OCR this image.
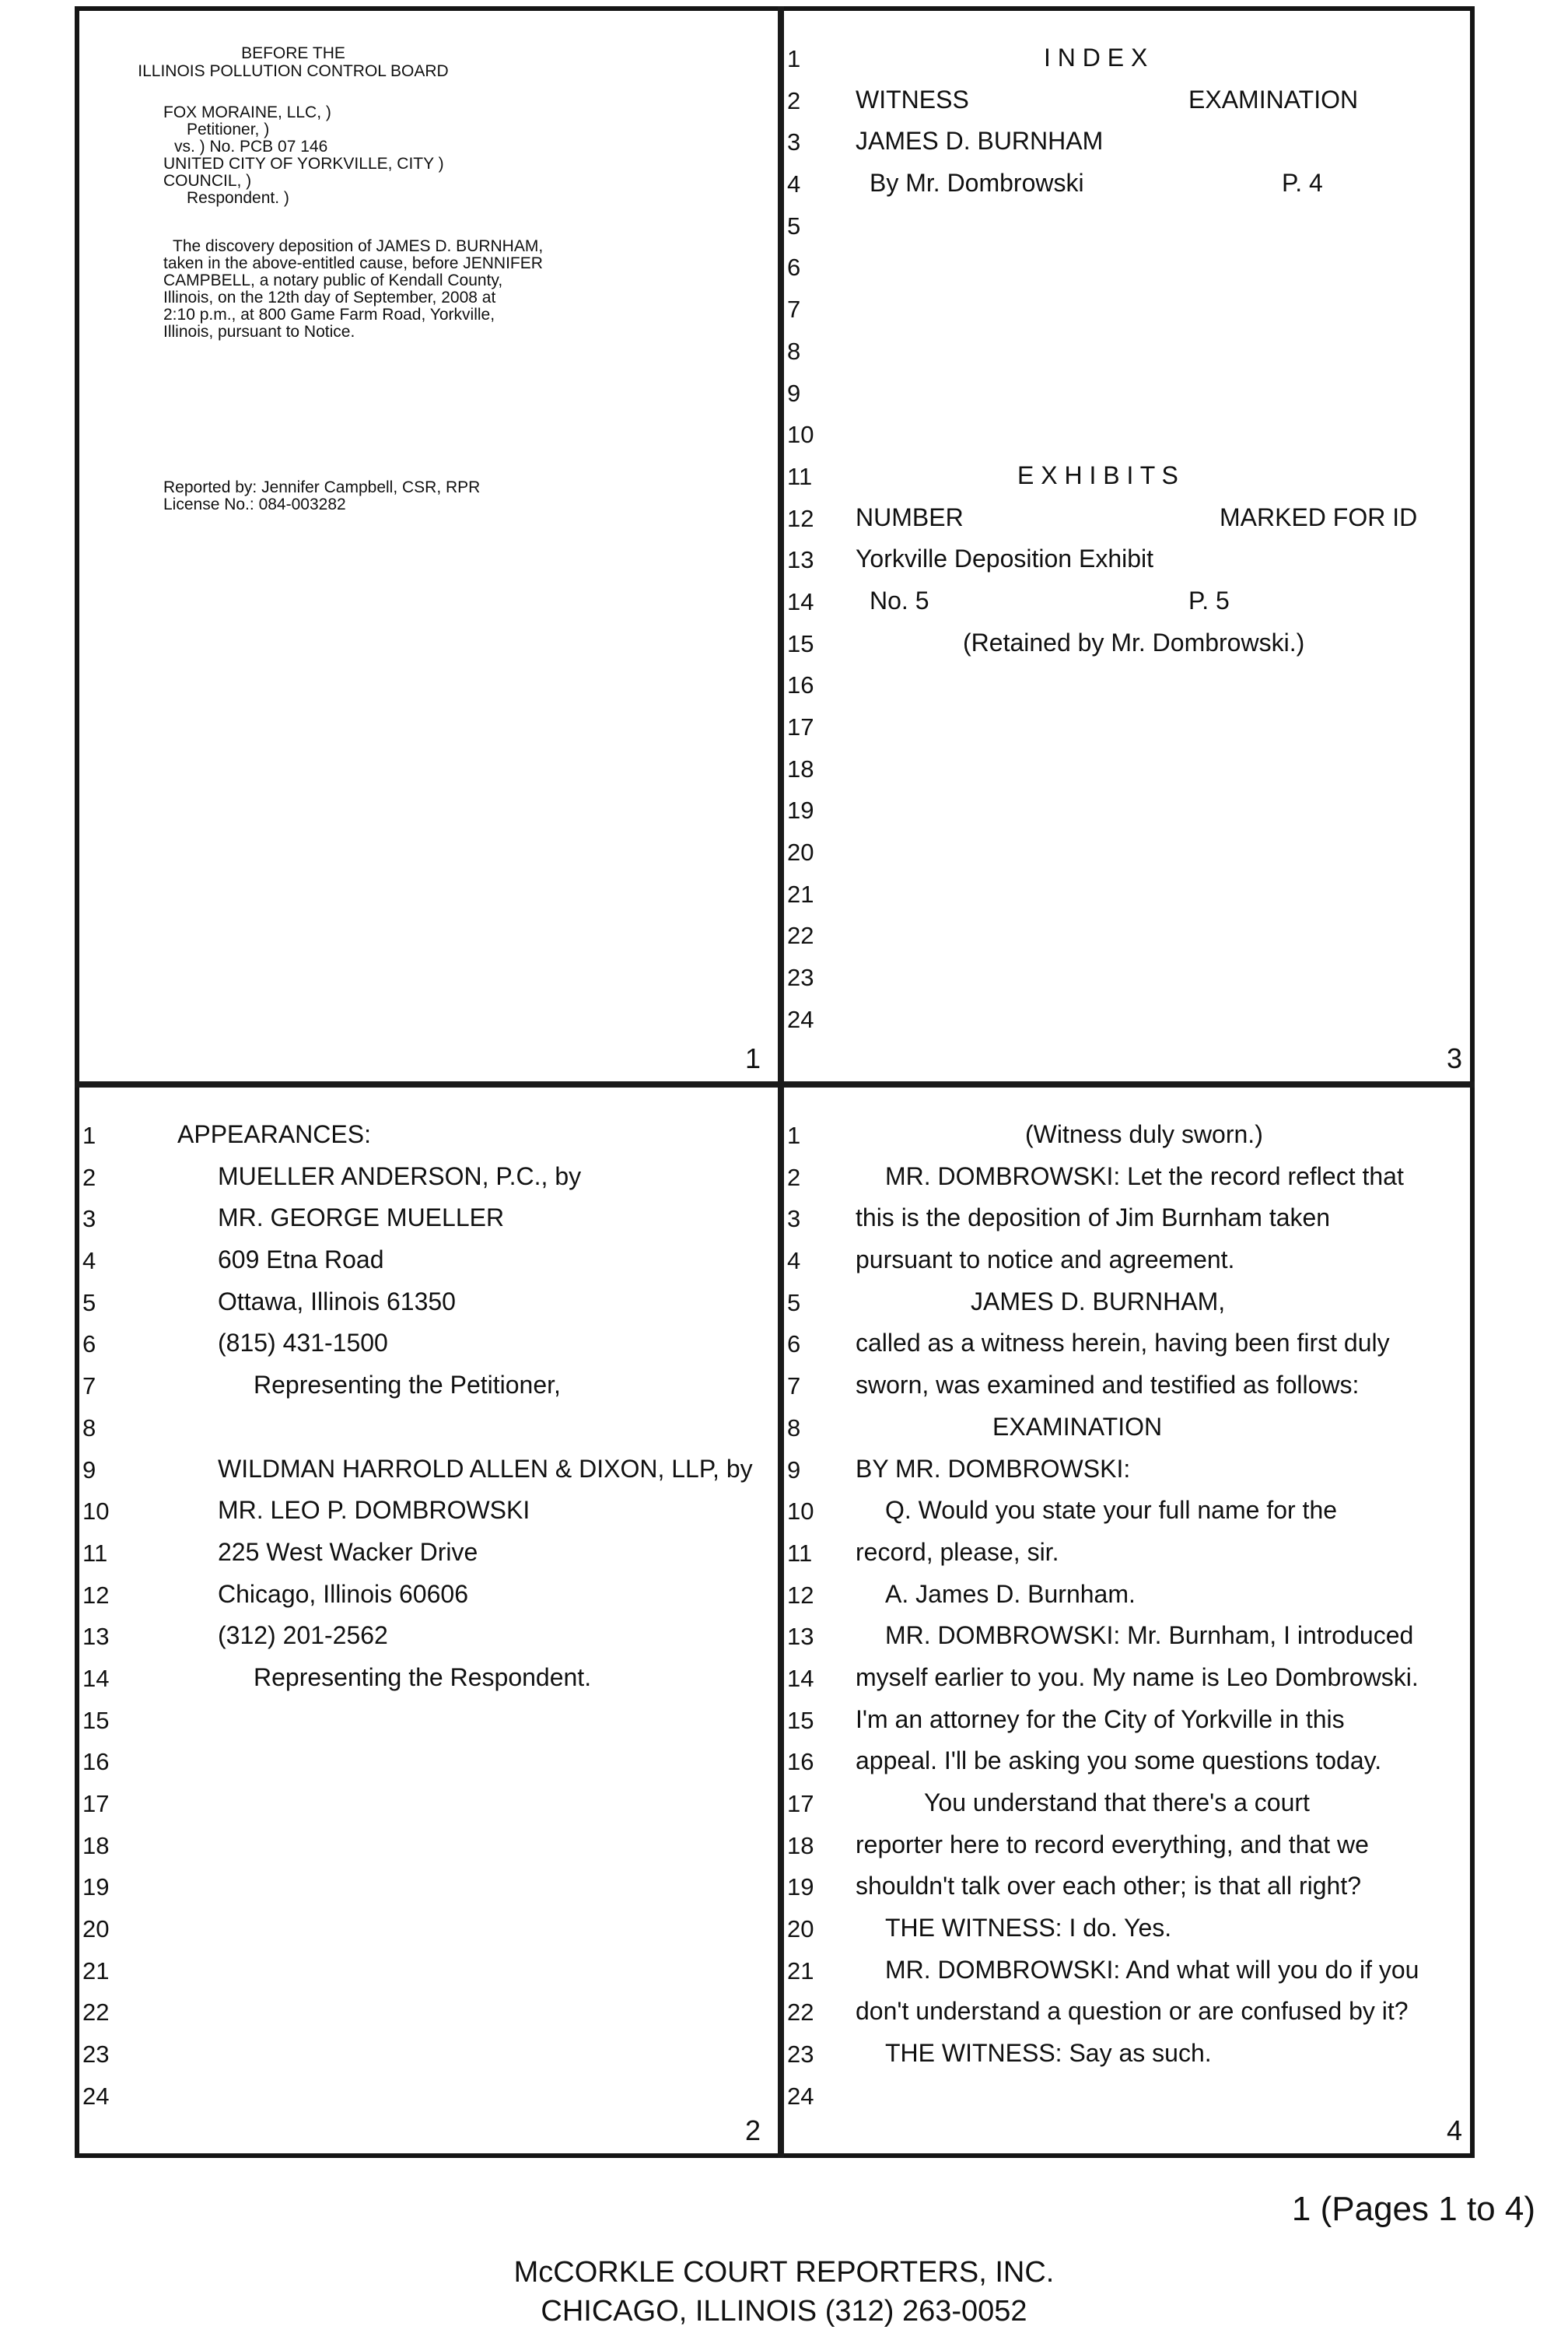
BEFORE THE
ILLINOIS POLLUTION CONTROL BOARD
FOX MORAINE, LLC, )
Petitioner, )
vs. ) No. PCB 07 146
UNITED CITY OF YORKVILLE, CITY )
COUNCIL, )
Respondent. )
The discovery deposition of JAMES D. BURNHAM,
taken in the above-entitled cause, before JENNIFER
CAMPBELL, a notary public of Kendall County,
Illinois, on the 12th day of September, 2008 at
2:10 p.m., at 800 Game Farm Road, Yorkville,
Illinois, pursuant to Notice.
Reported by: Jennifer Campbell, CSR, RPR
License No.: 084-003282
1
1	I N D E X
2	WITNESS	EXAMINATION
3	JAMES D. BURNHAM
4	By Mr. Dombrowski	P. 4
5
6
7
8
9
10
11	E X H I B I T S
12 NUMBER	MARKED FOR ID
13 Yorkville Deposition Exhibit
14 No. 5	P. 5
15	(Retained by Mr. Dombrowski.)
16
17
18
19
20
21
22
23
24
3
1	APPEARANCES:
2	MUELLER ANDERSON, P.C., by
3	MR. GEORGE MUELLER
4	609 Etna Road
5	Ottawa, Illinois 61350
6	(815) 431-1500
7	Representing the Petitioner,
8
9	WILDMAN HARROLD ALLEN & DIXON, LLP, by
10	MR. LEO P. DOMBROWSKI
11	225 West Wacker Drive
12	Chicago, Illinois 60606
13	(312) 201-2562
14	Representing the Respondent.
15
16
17
18
19
20
21
22
23
24
2
1	(Witness duly sworn.)
2	MR. DOMBROWSKI: Let the record reflect that
3	this is the deposition of Jim Burnham taken
4	pursuant to notice and agreement.
5	JAMES D. BURNHAM,
6	called as a witness herein, having been first duly
7	sworn, was examined and testified as follows:
8	EXAMINATION
9	BY MR. DOMBROWSKI:
10	Q. Would you state your full name for the
11 record, please, sir.
12	A. James D. Burnham.
13	MR. DOMBROWSKI: Mr. Burnham, I introduced
14 myself earlier to you. My name is Leo Dombrowski.
15 I'm an attorney for the City of Yorkville in this
16 appeal. I'll be asking you some questions today.
17	You understand that there's a court
18 reporter here to record everything, and that we
19 shouldn't talk over each other; is that all right?
20	THE WITNESS: I do. Yes.
21	MR. DOMBROWSKI: And what will you do if you
22 don't understand a question or are confused by it?
23	THE WITNESS: Say as such.
24
4
1 (Pages 1 to 4)
McCORKLE COURT REPORTERS, INC.
CHICAGO, ILLINOIS (312) 263-0052
